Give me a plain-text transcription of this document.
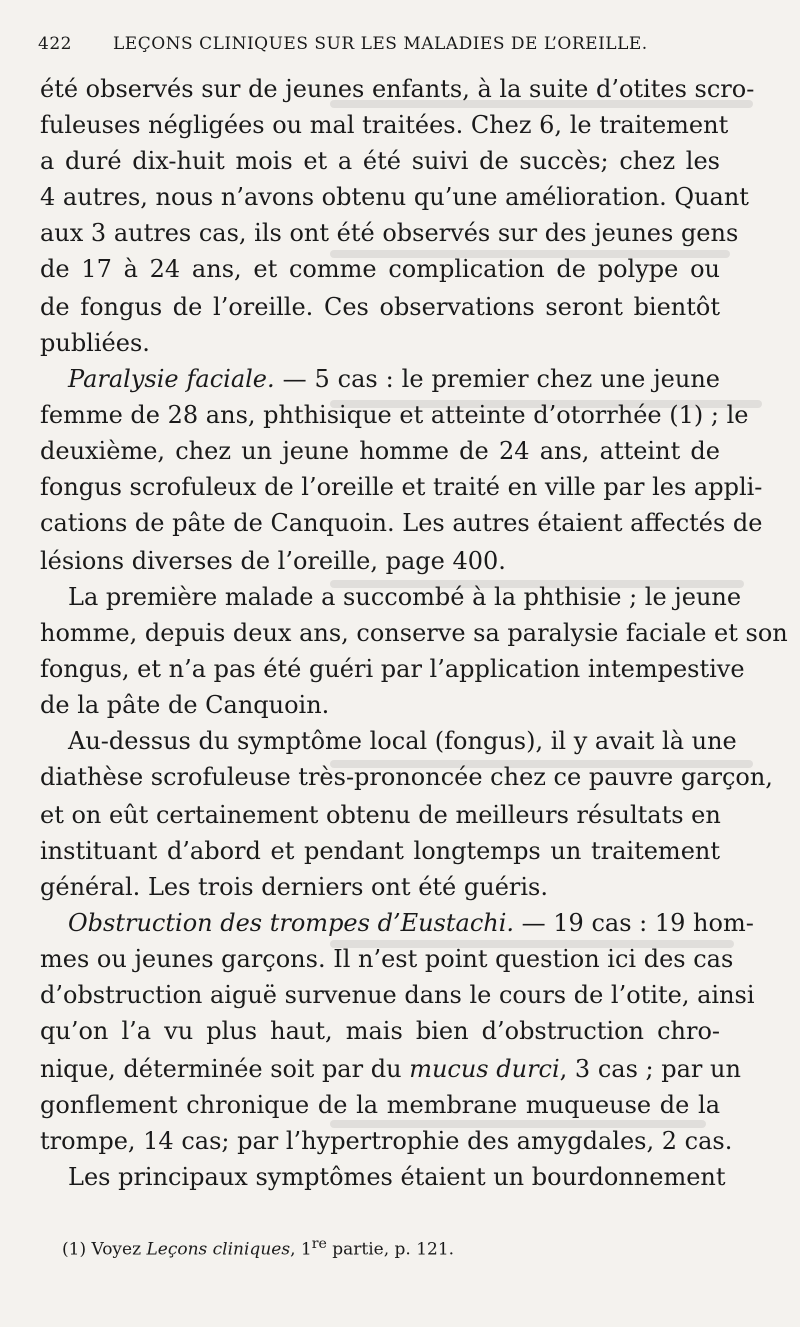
422 LEÇONS CLINIQUES SUR LES MALADIES DE L’OREILLE.
été observés sur de jeunes enfants, à la suite d’otites scro-
fuleuses négligées ou mal traitées. Chez 6, le traitement
a duré dix-huit mois et a été suivi de succès; chez les
4 autres, nous n’avons obtenu qu’une amélioration. Quant
aux 3 autres cas, ils ont été observés sur des jeunes gens
de 17 à 24 ans, et comme complication de polype ou
de fongus de l’oreille. Ces observations seront bientôt
publiées.
Paralysie faciale. — 5 cas : le premier chez une jeune
femme de 28 ans, phthisique et atteinte d’otorrhée (1) ; le
deuxième, chez un jeune homme de 24 ans, atteint de
fongus scrofuleux de l’oreille et traité en ville par les appli-
cations de pâte de Canquoin. Les autres étaient affectés de
lésions diverses de l’oreille, page 400.
La première malade a succombé à la phthisie ; le jeune
homme, depuis deux ans, conserve sa paralysie faciale et son
fongus, et n’a pas été guéri par l’application intempestive
de la pâte de Canquoin.
Au-dessus du symptôme local (fongus), il y avait là une
diathèse scrofuleuse très-prononcée chez ce pauvre garçon,
et on eût certainement obtenu de meilleurs résultats en
instituant d’abord et pendant longtemps un traitement
général. Les trois derniers ont été guéris.
Obstruction des trompes d’Eustachi. — 19 cas : 19 hom-
mes ou jeunes garçons. Il n’est point question ici des cas
d’obstruction aiguë survenue dans le cours de l’otite, ainsi
qu’on l’a vu plus haut, mais bien d’obstruction chro-
nique, déterminée soit par du mucus durci, 3 cas ; par un
gonflement chronique de la membrane muqueuse de la
trompe, 14 cas; par l’hypertrophie des amygdales, 2 cas.
Les principaux symptômes étaient un bourdonnement
(1) Voyez Leçons cliniques, 1re partie, p. 121.
